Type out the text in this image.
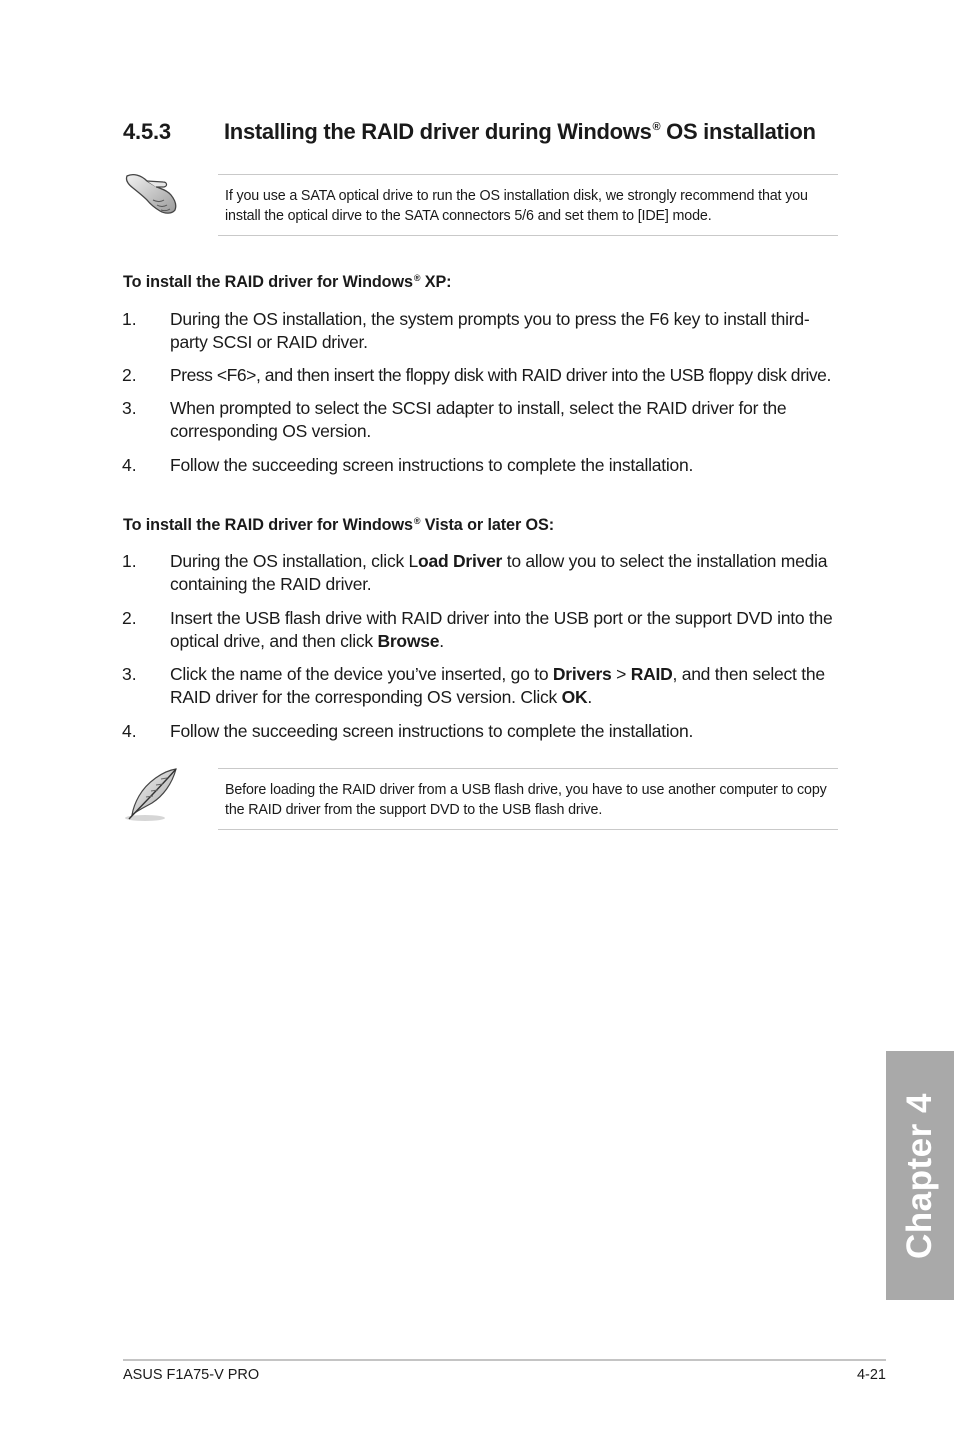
4.5.3 Installing the RAID driver during Windows® OS installation
If you use a SATA optical drive to run the OS installation disk, we strongly recommend that you install the optical dirve to the SATA connectors 5/6 and set them to [IDE] mode.
To install the RAID driver for Windows® XP:
1. During the OS installation, the system prompts you to press the F6 key to install third-party SCSI or RAID driver.
2. Press <F6>, and then insert the floppy disk with RAID driver into the USB floppy disk drive.
3. When prompted to select the SCSI adapter to install, select the RAID driver for the corresponding OS version.
4. Follow the succeeding screen instructions to complete the installation.
To install the RAID driver for Windows® Vista or later OS:
1. During the OS installation, click Load Driver to allow you to select the installation media containing the RAID driver.
2. Insert the USB flash drive with RAID driver into the USB port or the support DVD into the optical drive, and then click Browse.
3. Click the name of the device you’ve inserted, go to Drivers > RAID, and then select the RAID driver for the corresponding OS version. Click OK.
4. Follow the succeeding screen instructions to complete the installation.
Before loading the RAID driver from a USB flash drive, you have to use another computer to copy the RAID driver from the support DVD to the USB flash drive.
Chapter 4
ASUS F1A75-V PRO	4-21
